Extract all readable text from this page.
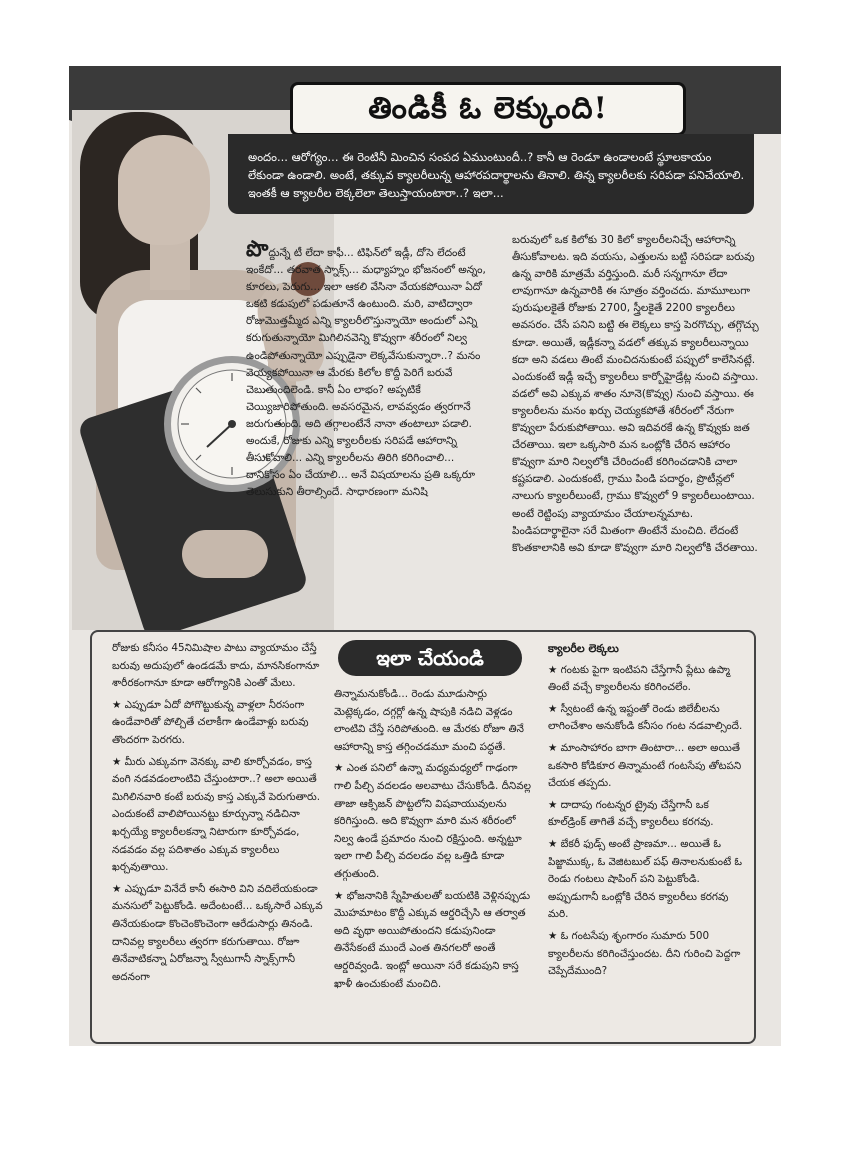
తిండికీ ఓ లెక్కుంది!
అందం... ఆరోగ్యం... ఈ రెంటినీ మించిన సంపద ఏముంటుందీ..? కానీ ఆ రెండూ ఉండాలంటే స్థూలకాయం లేకుండా ఉండాలి. అంటే, తక్కువ క్యాలరీలున్న ఆహారపదార్థాలను తినాలి. తిన్న క్యాలరీలకు సరిపడా పనిచేయాలి. ఇంతకీ ఆ క్యాలరీల లెక్కలెలా తెలుస్తాయంటారా..? ఇలా...
పొద్దున్నే టీ లేదా కాఫీ... టిఫిన్‌లో ఇడ్లీ, దోసె లేదంటే ఇంకేదో... తరవాత స్నాక్స్‌... మధ్యాహ్నం భోజనంలో అన్నం, కూరలు, పెరుగు... ఇలా ఆకలి వేసినా వేయకపోయినా ఏదో ఒకటి కడుపులో పడుతూనే ఉంటుంది. మరి, వాటిద్వారా రోజుమొత్తమ్మీద ఎన్ని క్యాలరీలొస్తున్నాయో అందులో ఎన్ని కరుగుతున్నాయో మిగిలినవెన్ని కొవ్వుగా శరీరంలో నిల్వ ఉండిపోతున్నాయో ఎప్పుడైనా లెక్కవేసుకున్నారా..? మనం వెయ్యకపోయినా ఆ మేరకు కిలోల కొద్దీ పెరిగే బరువే చెబుతుందిలెండి. కానీ ఏం లాభం? అప్పటికే చెయ్యిజారిపోతుంది. అవసరమైన, లావవ్వడం త్వరగానే జరుగుతుంది. అది తగ్గాలంటేనే నానా తంటాలూ పడాలి. అందుకే, రోజుకు ఎన్ని క్యాలరీలకు సరిపడే ఆహారాన్ని తీసుకోవాలి... ఎన్ని క్యాలరీలను తిరిగి కరిగించాలి... దానికోసం ఏం చేయాలి... అనే విషయాలను ప్రతి ఒక్కరూ తెలుసుకుని తీరాల్సిందే. సాధారణంగా మనిషి
బరువులో ఒక కిలోకు 30 కిలో క్యాలరీలనిచ్చే ఆహారాన్ని తీసుకోవాలట. ఇది వయసు, ఎత్తులను బట్టి సరిపడా బరువు ఉన్న వారికి మాత్రమే వర్తిస్తుంది. మరీ సన్నగానూ లేదా లావుగానూ ఉన్నవారికి ఈ సూత్రం వర్తించదు. మామూలుగా పురుషులకైతే రోజుకు 2700, స్త్రీలకైతే 2200 క్యాలరీలు అవసరం. చేసే పనిని బట్టి ఈ లెక్కలు కాస్త పెరగొచ్చు, తగ్గొచ్చు కూడా. అయితే, ఇడ్లీకన్నా వడలో తక్కువ క్యాలరీలున్నాయి కదా అని వడలు తింటే మంచిదనుకుంటే పప్పులో కాలేసినట్లే. ఎందుకంటే ఇడ్లీ ఇచ్చే క్యాలరీలు కార్బోహైడ్రేట్ల నుంచి వస్తాయి. వడలో అవి ఎక్కువ శాతం నూనె(కొవ్వు) నుంచి వస్తాయి. ఈ క్యాలరీలను మనం ఖర్చు చెయ్యకపోతే శరీరంలో నేరుగా కొవ్వులా పేరుకుపోతాయి. అవి ఇదివరకే ఉన్న కొవ్వుకు జత చేరతాయి. ఇలా ఒక్కసారి మన ఒంట్లోకి చేరిన ఆహారం కొవ్వుగా మారి నిల్వలోకి చేరిందంటే కరిగించడానికి చాలా కష్టపడాలి. ఎందుకంటే, గ్రాము పిండి పదార్థం, ప్రొటీన్లలో నాలుగు క్యాలరీలుంటే, గ్రాము కొవ్వులో 9 క్యాలరీలుంటాయి. అంటే రెట్టింపు వ్యాయామం చేయాలన్నమాట. పిండిపదార్థాలైనా సరే మితంగా తింటేనే మంచిది. లేదంటే కొంతకాలానికి అవి కూడా కొవ్వుగా మారి నిల్వలోకి చేరతాయి.
ఇలా చేయండి

రోజుకు కనీసం 45నిమిషాల పాటు వ్యాయామం చేస్తే బరువు అదుపులో ఉండడమే కాదు, మానసికంగానూ శారీరకంగానూ కూడా ఆరోగ్యానికి ఎంతో మేలు.

★ ఎప్పుడూ ఏదో పోగొట్టుకున్న వాళ్లలా నీరసంగా ఉండేవారితో పోల్చితే చలాకీగా ఉండేవాళ్లు బరువు తొందరగా పెరగరు.

★ మీరు ఎక్కువగా వెనక్కు వాలి కూర్చోవడం, కాస్త వంగి నడవడంలాంటివి చేస్తుంటారా..? అలా అయితే మిగిలినవారి కంటే బరువు కాస్త ఎక్కువే పెరుగుతారు. ఎందుకంటే వాలిపోయినట్టు కూర్చున్నా నడిచినా ఖర్చయ్యే క్యాలరీలకన్నా నిటారుగా కూర్చోవడం, నడవడం వల్ల పదిశాతం ఎక్కువ క్యాలరీలు ఖర్చవుతాయి.

★ ఎప్పుడూ వినేదే కానీ ఈసారి విని వదిలేయకుండా మనసులో పెట్టుకోండి. అదేంటంటే... ఒక్కసారే ఎక్కువ తినేయకుండా కొంచెంకొంచెంగా ఆరేడుసార్లు తినండి. దానివల్ల క్యాలరీలు త్వరగా కరుగుతాయి. రోజూ తినేవాటికన్నా ఏరోజన్నా స్వీటుగానీ స్నాక్స్‌గానీ అదనంగా

తిన్నామనుకోండి... రెండు మూడుసార్లు మెట్లెక్కడం, దగ్గర్లో ఉన్న షాపుకి నడిచి వెళ్లడం లాంటివి చేస్తే సరిపోతుంది. ఆ మేరకు రోజూ తినే ఆహారాన్ని కాస్త తగ్గించడమూ మంచి పద్ధతే.

★ ఎంత పనిలో ఉన్నా మధ్యమధ్యలో గాఢంగా గాలి పీల్చి వదలడం అలవాటు చేసుకోండి. దీనివల్ల తాజా ఆక్సిజన్ పొట్టలోని విషవాయువులను కరిగిస్తుంది. అది కొవ్వుగా మారి మన శరీరంలో నిల్వ ఉండే ప్రమాదం నుంచి రక్షిస్తుంది. అన్నట్టూ ఇలా గాలి పీల్చి వదలడం వల్ల ఒత్తిడి కూడా తగ్గుతుంది.

★ భోజనానికి స్నేహితులతో బయటికి వెళ్లినప్పుడు మొహమాటం కొద్దీ ఎక్కువ ఆర్డరిచ్చేసి ఆ తర్వాత అది వృథా అయిపోతుందని కడుపునిండా తినేసేకంటే ముందే ఎంత తినగలరో అంతే ఆర్డరివ్వండి. ఇంట్లో అయినా సరే కడుపుని కాస్త ఖాళీ ఉంచుకుంటే మంచిది.

క్యాలరీల లెక్కలు

★ గంటకు పైగా ఇంటిపని చేస్తేగానీ ప్లేటు ఉప్మా తింటే వచ్చే క్యాలరీలను కరిగించలేం.

★ స్వీటంటే ఉన్న ఇష్టంతో రెండు జిలేబీలను లాగించేశాం అనుకోండి కనీసం గంట నడవాల్సిందే.

★ మాంసాహారం బాగా తింటారా... అలా అయితే ఒకసారి కోడికూర తిన్నామంటే గంటసేపు తోటపని చేయక తప్పదు.

★ దాదాపు గంటన్నర ట్రైవు చేస్తేగానీ ఒక కూల్‌డ్రింక్ తాగితే వచ్చే క్యాలరీలు కరగవు.

★ బేకరీ ఫుడ్స్ అంటే ప్రాణమా... అయితే ఓ పిజ్జాముక్క, ఓ వెజిటబుల్ పఫ్ తినాలనుకుంటే ఓ రెండు గంటలు షాపింగ్ పని పెట్టుకోండి. అప్పుడుగానీ ఒంట్లోకి చేరిన క్యాలరీలు కరగవు మరి.

★ ఓ గంటసేపు శృంగారం సుమారు 500 క్యాలరీలను కరిగించేస్తుందట. దీని గురించి పెద్దగా చెప్పేదేముంది?
